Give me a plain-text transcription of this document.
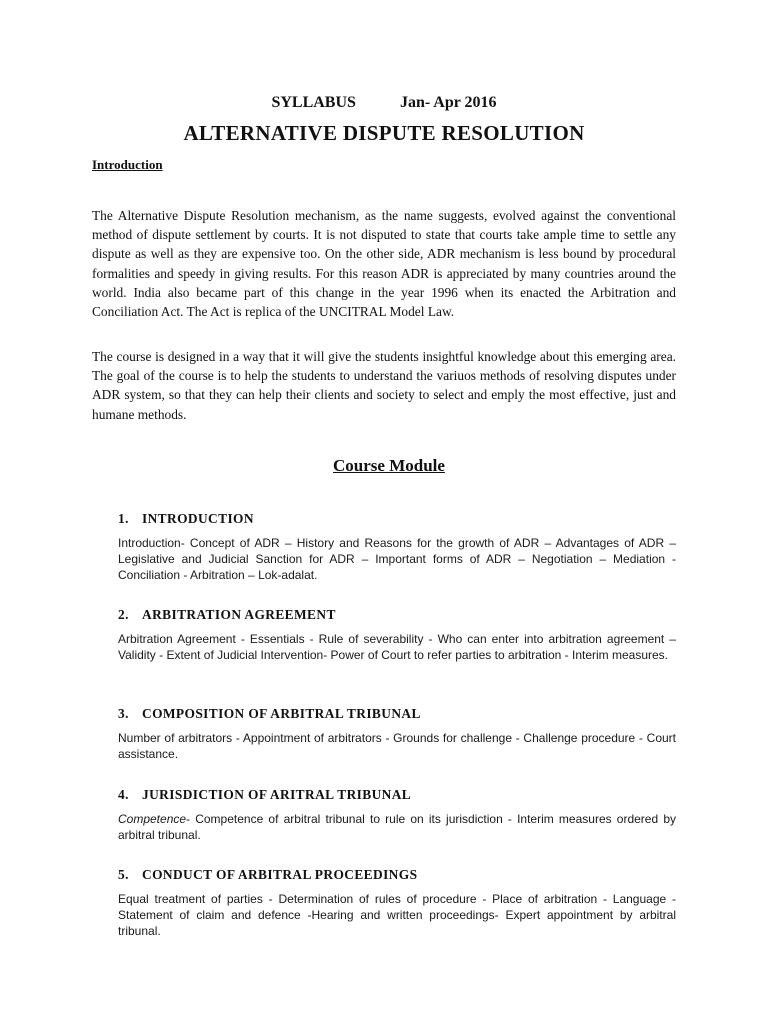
SYLLABUS	Jan- Apr 2016
ALTERNATIVE DISPUTE RESOLUTION
Introduction

The Alternative Dispute Resolution mechanism, as the name suggests, evolved against the conventional method of dispute settlement by courts. It is not disputed to state that courts take ample time to settle any dispute as well as they are expensive too. On the other side, ADR mechanism is less bound by procedural formalities and speedy in giving results. For this reason ADR is appreciated by many countries around the world. India also became part of this change in the year 1996 when its enacted the Arbitration and Conciliation Act. The Act is replica of the UNCITRAL Model Law.

The course is designed in a way that it will give the students insightful knowledge about this emerging area. The goal of the course is to help the students to understand the variuos methods of resolving disputes under ADR system, so that they can help their clients and society to select and emply the most effective, just and humane methods.

Course Module

1. INTRODUCTION

Introduction- Concept of ADR – History and Reasons for the growth of ADR – Advantages of ADR – Legislative and Judicial Sanction for ADR – Important forms of ADR – Negotiation – Mediation - Conciliation - Arbitration – Lok-adalat.

2. ARBITRATION AGREEMENT

Arbitration Agreement - Essentials - Rule of severability - Who can enter into arbitration agreement – Validity - Extent of Judicial Intervention- Power of Court to refer parties to arbitration - Interim measures.

3. COMPOSITION OF ARBITRAL TRIBUNAL

Number of arbitrators - Appointment of arbitrators - Grounds for challenge - Challenge procedure - Court assistance.

4. JURISDICTION OF ARITRAL TRIBUNAL

Competence- Competence of arbitral tribunal to rule on its jurisdiction - Interim measures ordered by arbitral tribunal.

5. CONDUCT OF ARBITRAL PROCEEDINGS

Equal treatment of parties - Determination of rules of procedure - Place of arbitration - Language -Statement of claim and defence -Hearing and written proceedings- Expert appointment by arbitral tribunal.
